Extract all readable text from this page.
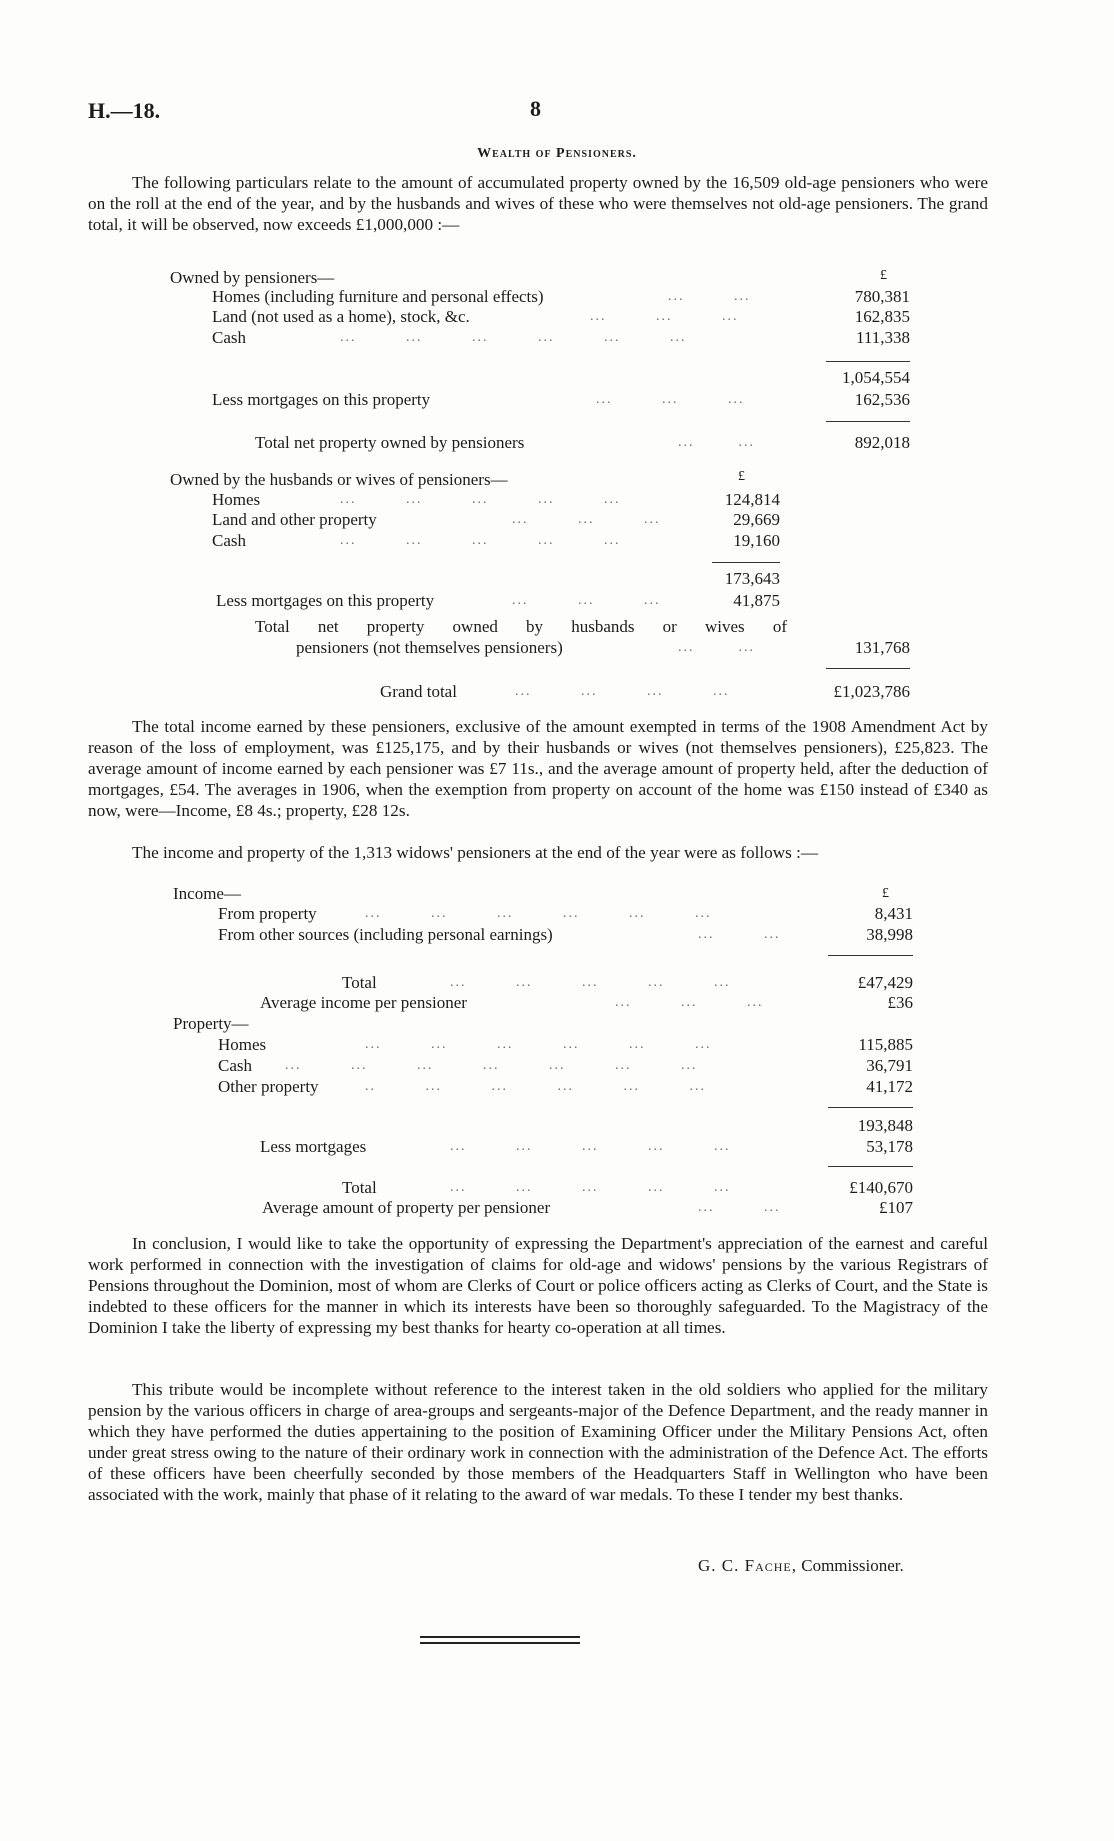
H.—18.	8
Wealth of Pensioners.
The following particulars relate to the amount of accumulated property owned by the 16,509 old-age pensioners who were on the roll at the end of the year, and by the husbands and wives of these who were themselves not old-age pensioners. The grand total, it will be observed, now exceeds £1,000,000 :—
Owned by pensioners—	£
Homes (including furniture and personal effects)	...         ...	780,381
Land (not used as a home), stock, &c.	...         ...         ...	162,835
Cash	...         ...         ...         ...         ...         ...	111,338
1,054,554
Less mortgages on this property	...         ...         ...	162,536
Total net property owned by pensioners	...        ...	892,018
Owned by the husbands or wives of pensioners—	£
Homes	...         ...         ...         ...         ...	124,814
Land and other property	...         ...         ...	29,669
Cash	...         ...         ...         ...         ...	19,160
173,643
Less mortgages on this property	...         ...         ...	41,875
Total net property owned by husbands or wives of
pensioners (not themselves pensioners)	...        ...	131,768
Grand total	...         ...         ...         ...	£1,023,786
The total income earned by these pensioners, exclusive of the amount exempted in terms of the 1908 Amendment Act by reason of the loss of employment, was £125,175, and by their husbands or wives (not themselves pensioners), £25,823. The average amount of income earned by each pensioner was £7 11s., and the average amount of property held, after the deduction of mortgages, £54. The averages in 1906, when the exemption from property on account of the home was £150 instead of £340 as now, were—Income, £8 4s.; property, £28 12s.
The income and property of the 1,313 widows' pensioners at the end of the year were as follows :—
Income—	£
From property	...         ...         ...         ...         ...         ...	8,431
From other sources (including personal earnings)	...         ...	38,998
Total	...         ...         ...         ...         ...	£47,429
Average income per pensioner	...         ...         ...	£36
Property—
Homes	...         ...         ...         ...         ...         ...	115,885
Cash ...         ...         ...         ...         ...         ...         ...	36,791
Other property	..         ...         ...         ...         ...         ...	41,172
193,848
Less mortgages	...         ...         ...         ...         ...	53,178
Total	...         ...         ...         ...         ...	£140,670
Average amount of property per pensioner	...         ...	£107
In conclusion, I would like to take the opportunity of expressing the Department's appreciation of the earnest and careful work performed in connection with the investigation of claims for old-age and widows' pensions by the various Registrars of Pensions throughout the Dominion, most of whom are Clerks of Court or police officers acting as Clerks of Court, and the State is indebted to these officers for the manner in which its interests have been so thoroughly safeguarded. To the Magistracy of the Dominion I take the liberty of expressing my best thanks for hearty co-operation at all times.
This tribute would be incomplete without reference to the interest taken in the old soldiers who applied for the military pension by the various officers in charge of area-groups and sergeants-major of the Defence Department, and the ready manner in which they have performed the duties appertaining to the position of Examining Officer under the Military Pensions Act, often under great stress owing to the nature of their ordinary work in connection with the administration of the Defence Act. The efforts of these officers have been cheerfully seconded by those members of the Headquarters Staff in Wellington who have been associated with the work, mainly that phase of it relating to the award of war medals. To these I tender my best thanks.
G. C. Fache, Commissioner.
